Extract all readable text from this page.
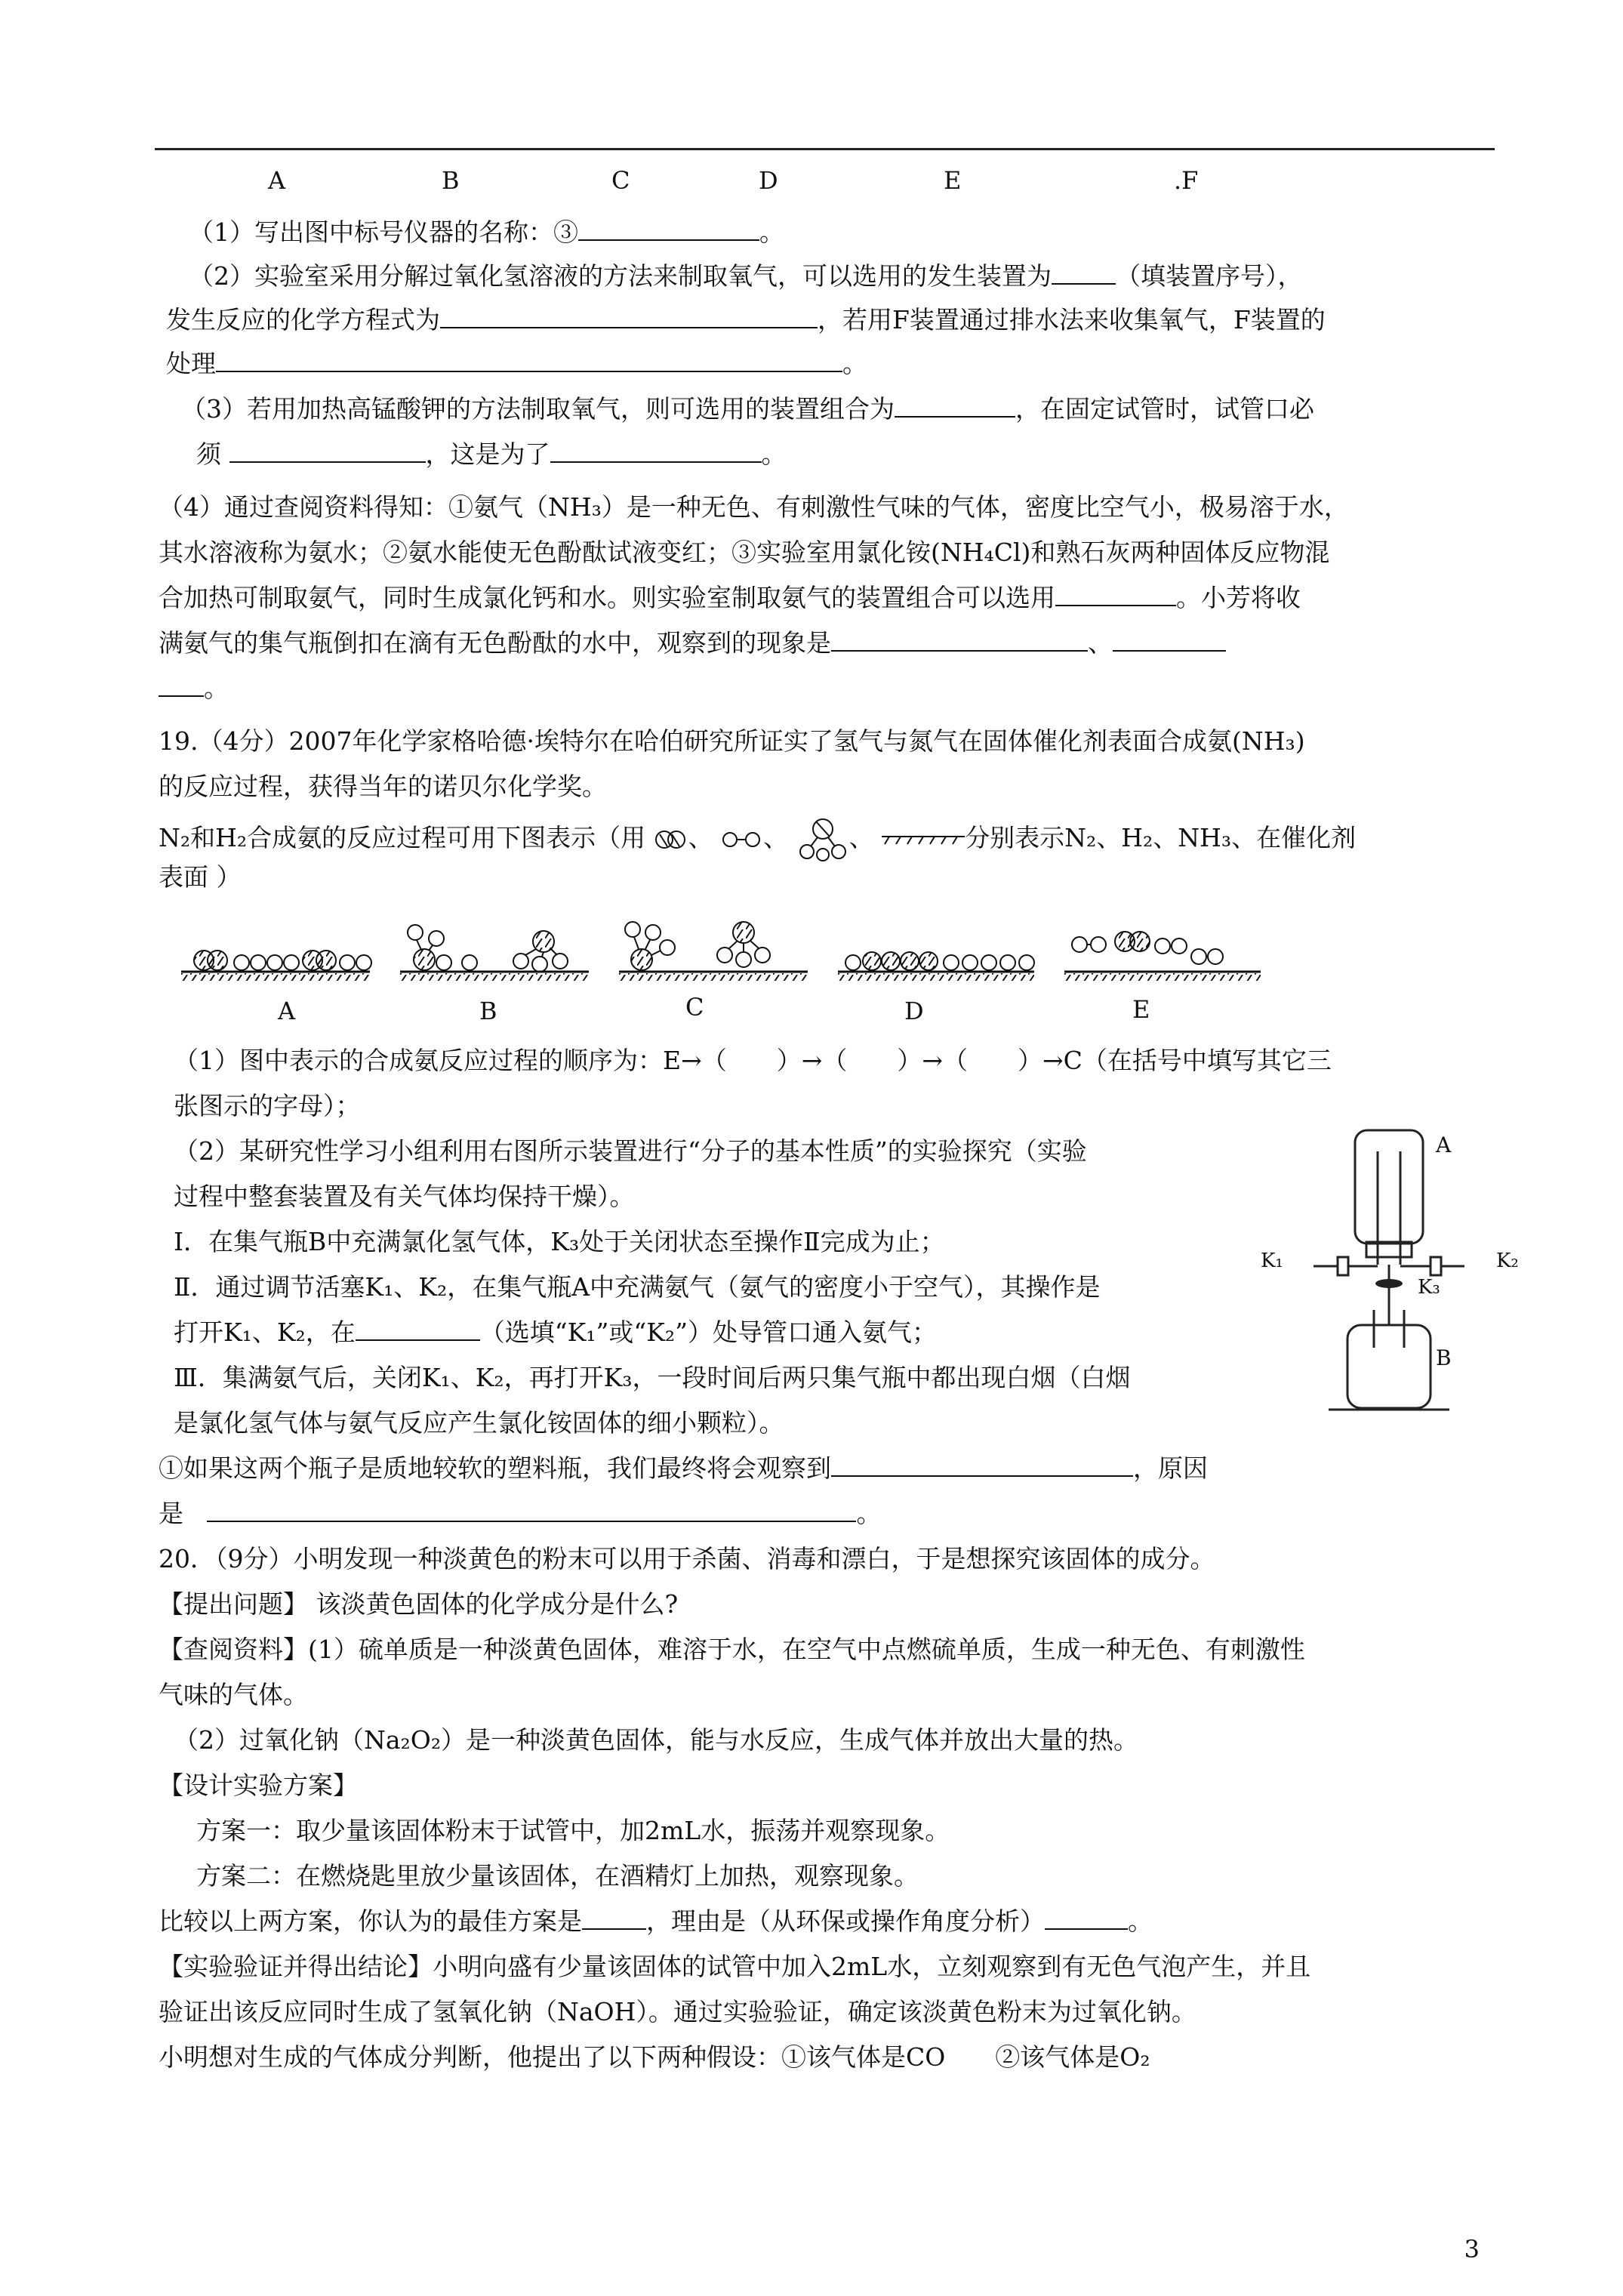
A	B	C	D	E	.F
（1）写出图中标号仪器的名称：③	。
（2）实验室采用分解过氧化氢溶液的方法来制取氧气，可以选用的发生装置为	（填装置序号），
发生反应的化学方程式为	，若用F装置通过排水法来收集氧气，F装置的
处理	。
（3）若用加热高锰酸钾的方法制取氧气，则可选用的装置组合为	，在固定试管时，试管口必
须	，这是为了	。
（4）通过查阅资料得知：①氨气（NH₃）是一种无色、有刺激性气味的气体，密度比空气小，极易溶于水，
其水溶液称为氨水；②氨水能使无色酚酞试液变红；③实验室用氯化铵(NH₄Cl)和熟石灰两种固体反应物混
合加热可制取氨气，同时生成氯化钙和水。则实验室制取氨气的装置组合可以选用	。小芳将收
满氨气的集气瓶倒扣在滴有无色酚酞的水中，观察到的现象是	、
。
19.（4分）2007年化学家格哈德·埃特尔在哈伯研究所证实了氢气与氮气在固体催化剂表面合成氨(NH₃)
的反应过程，获得当年的诺贝尔化学奖。
N₂和H₂合成氨的反应过程可用下图表示（用 、 、 、	分别表示N₂、H₂、NH₃、在催化剂
表面 ）
A	B	C	D	E
（1）图中表示的合成氨反应过程的顺序为：E→（　　）→（　　）→（　　）→C（在括号中填写其它三
张图示的字母）；
（2）某研究性学习小组利用右图所示装置进行“分子的基本性质”的实验探究（实验
过程中整套装置及有关气体均保持干燥）。
Ⅰ．在集气瓶B中充满氯化氢气体，K₃处于关闭状态至操作Ⅱ完成为止；
Ⅱ．通过调节活塞K₁、K₂，在集气瓶A中充满氨气（氨气的密度小于空气），其操作是
打开K₁、K₂，在	（选填“K₁”或“K₂”）处导管口通入氨气；
Ⅲ．集满氨气后，关闭K₁、K₂，再打开K₃，一段时间后两只集气瓶中都出现白烟（白烟
是氯化氢气体与氨气反应产生氯化铵固体的细小颗粒）。
①如果这两个瓶子是质地较软的塑料瓶，我们最终将会观察到	，原因
是	。
A
B
K₁	K₂
K₃
20．（9分）小明发现一种淡黄色的粉末可以用于杀菌、消毒和漂白，于是想探究该固体的成分。
【提出问题】 该淡黄色固体的化学成分是什么?
【查阅资料】(1）硫单质是一种淡黄色固体，难溶于水，在空气中点燃硫单质，生成一种无色、有刺激性
气味的气体。
（2）过氧化钠（Na₂O₂）是一种淡黄色固体，能与水反应，生成气体并放出大量的热。
【设计实验方案】
方案一：取少量该固体粉末于试管中，加2mL水，振荡并观察现象。
方案二：在燃烧匙里放少量该固体，在酒精灯上加热，观察现象。
比较以上两方案，你认为的最佳方案是	，理由是（从环保或操作角度分析）	。
【实验验证并得出结论】小明向盛有少量该固体的试管中加入2mL水，立刻观察到有无色气泡产生，并且
验证出该反应同时生成了氢氧化钠（NaOH）。通过实验验证，确定该淡黄色粉末为过氧化钠。
小明想对生成的气体成分判断，他提出了以下两种假设：①该气体是CO　　②该气体是O₂
3
